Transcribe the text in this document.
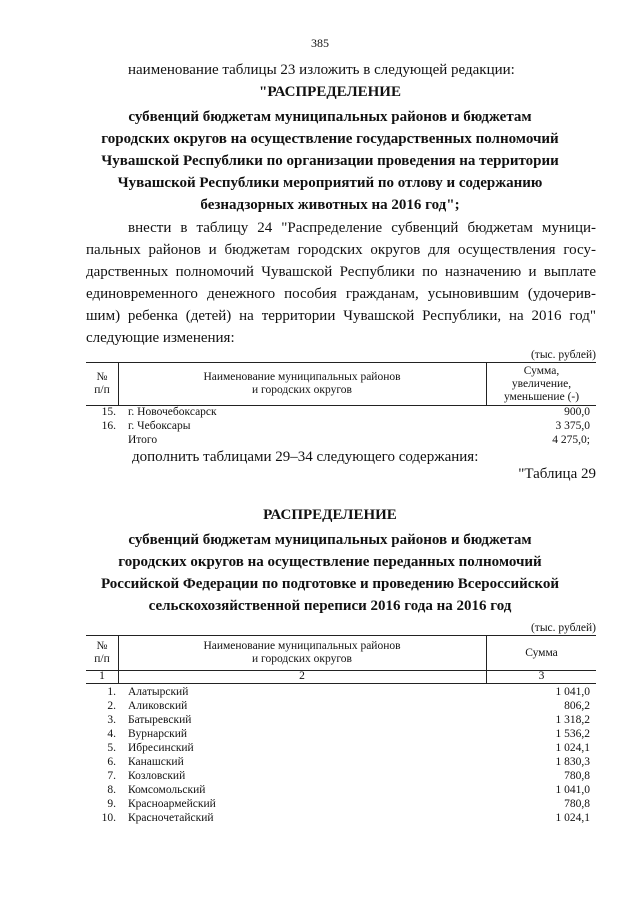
385
наименование таблицы 23 изложить в следующей редакции:
"РАСПРЕДЕЛЕНИЕ
субвенций бюджетам муниципальных районов и бюджетам
городских округов на осуществление государственных полномочий
Чувашской Республики по организации проведения на территории
Чувашской Республики мероприятий по отлову и содержанию
безнадзорных животных на 2016 год";
внести в таблицу 24 "Распределение субвенций бюджетам муници-
пальных районов и бюджетам городских округов для осуществления госу-
дарственных полномочий Чувашской Республики по назначению и выплате
единовременного денежного пособия гражданам, усыновившим (удочерив-
шим) ребенка (детей) на территории Чувашской Республики, на 2016 год"
следующие изменения:
(тыс. рублей)
№
п/п
Наименование муниципальных районов
и городских округов
Сумма,
увеличение,
уменьшение (-)
15. г. Новочебоксарск	900,0
16. г. Чебоксары	3 375,0
Итого	4 275,0;
дополнить таблицами 29–34 следующего содержания:
"Таблица 29
РАСПРЕДЕЛЕНИЕ
субвенций бюджетам муниципальных районов и бюджетам
городских округов на осуществление переданных полномочий
Российской Федерации по подготовке и проведению Всероссийской
сельскохозяйственной переписи 2016 года на 2016 год
(тыс. рублей)
№
п/п
Наименование муниципальных районов
и городских округов
Сумма
1	2	3
1. Алатырский	1 041,0
2. Аликовский	806,2
3. Батыревский	1 318,2
4. Вурнарский	1 536,2
5. Ибресинский	1 024,1
6. Канашский	1 830,3
7. Козловский	780,8
8. Комсомольский	1 041,0
9. Красноармейский	780,8
10. Красночетайский	1 024,1
